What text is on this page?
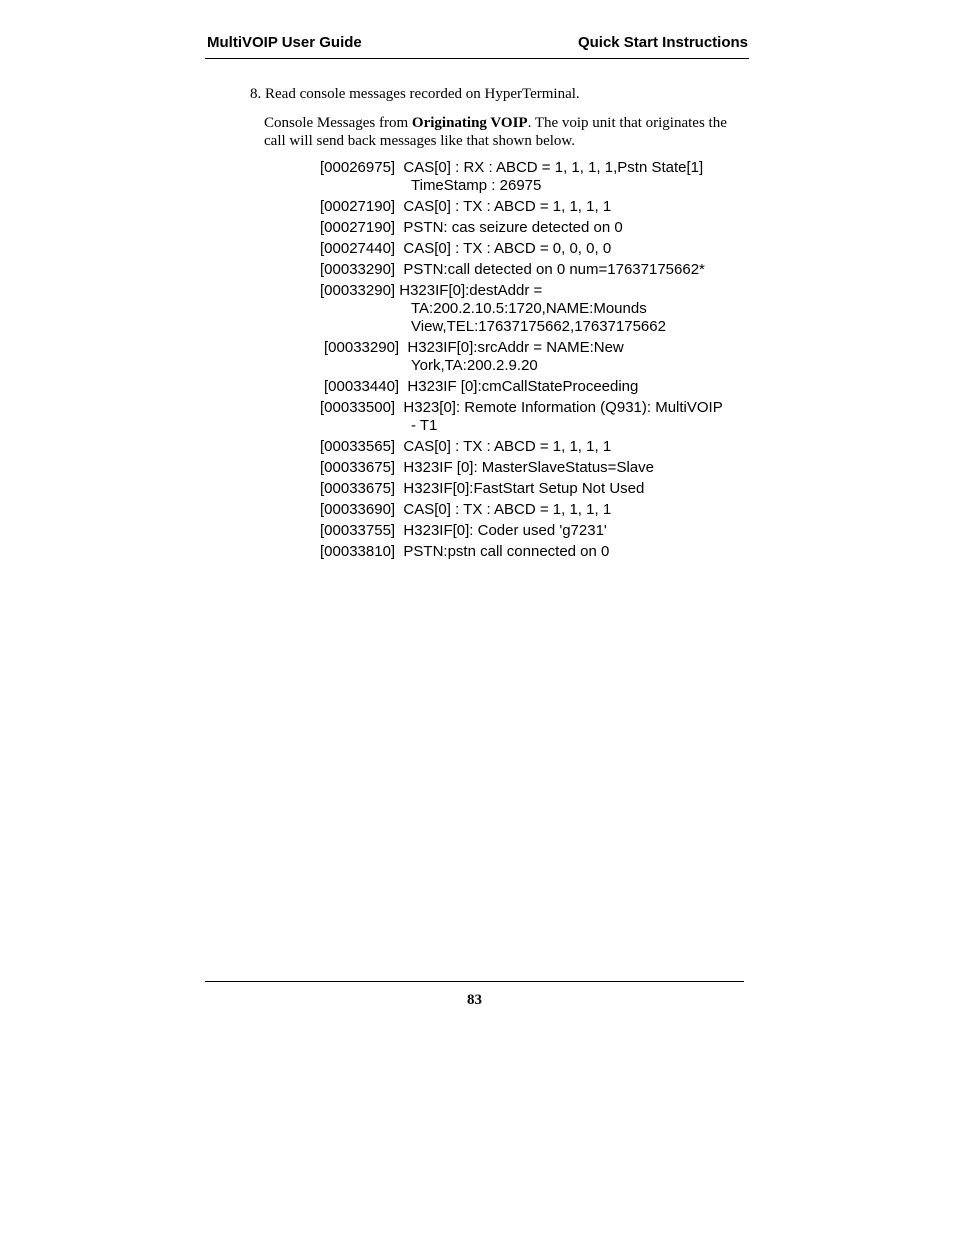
MultiVOIP User Guide	Quick Start Instructions
8. Read console messages recorded on HyperTerminal.
Console Messages from Originating VOIP. The voip unit that originates the call will send back messages like that shown below.
[00026975]  CAS[0] : RX : ABCD = 1, 1, 1, 1,Pstn State[1]
TimeStamp : 26975
[00027190]  CAS[0] : TX : ABCD = 1, 1, 1, 1
[00027190]  PSTN: cas seizure detected on 0
[00027440]  CAS[0] : TX : ABCD = 0, 0, 0, 0
[00033290]  PSTN:call detected on 0 num=17637175662*
[00033290] H323IF[0]:destAddr =
TA:200.2.10.5:1720,NAME:Mounds
View,TEL:17637175662,17637175662
[00033290]  H323IF[0]:srcAddr = NAME:New
York,TA:200.2.9.20
[00033440]  H323IF [0]:cmCallStateProceeding
[00033500]  H323[0]: Remote Information (Q931): MultiVOIP
- T1
[00033565]  CAS[0] : TX : ABCD = 1, 1, 1, 1
[00033675]  H323IF [0]: MasterSlaveStatus=Slave
[00033675]  H323IF[0]:FastStart Setup Not Used
[00033690]  CAS[0] : TX : ABCD = 1, 1, 1, 1
[00033755]  H323IF[0]: Coder used 'g7231'
[00033810]  PSTN:pstn call connected on 0
83
